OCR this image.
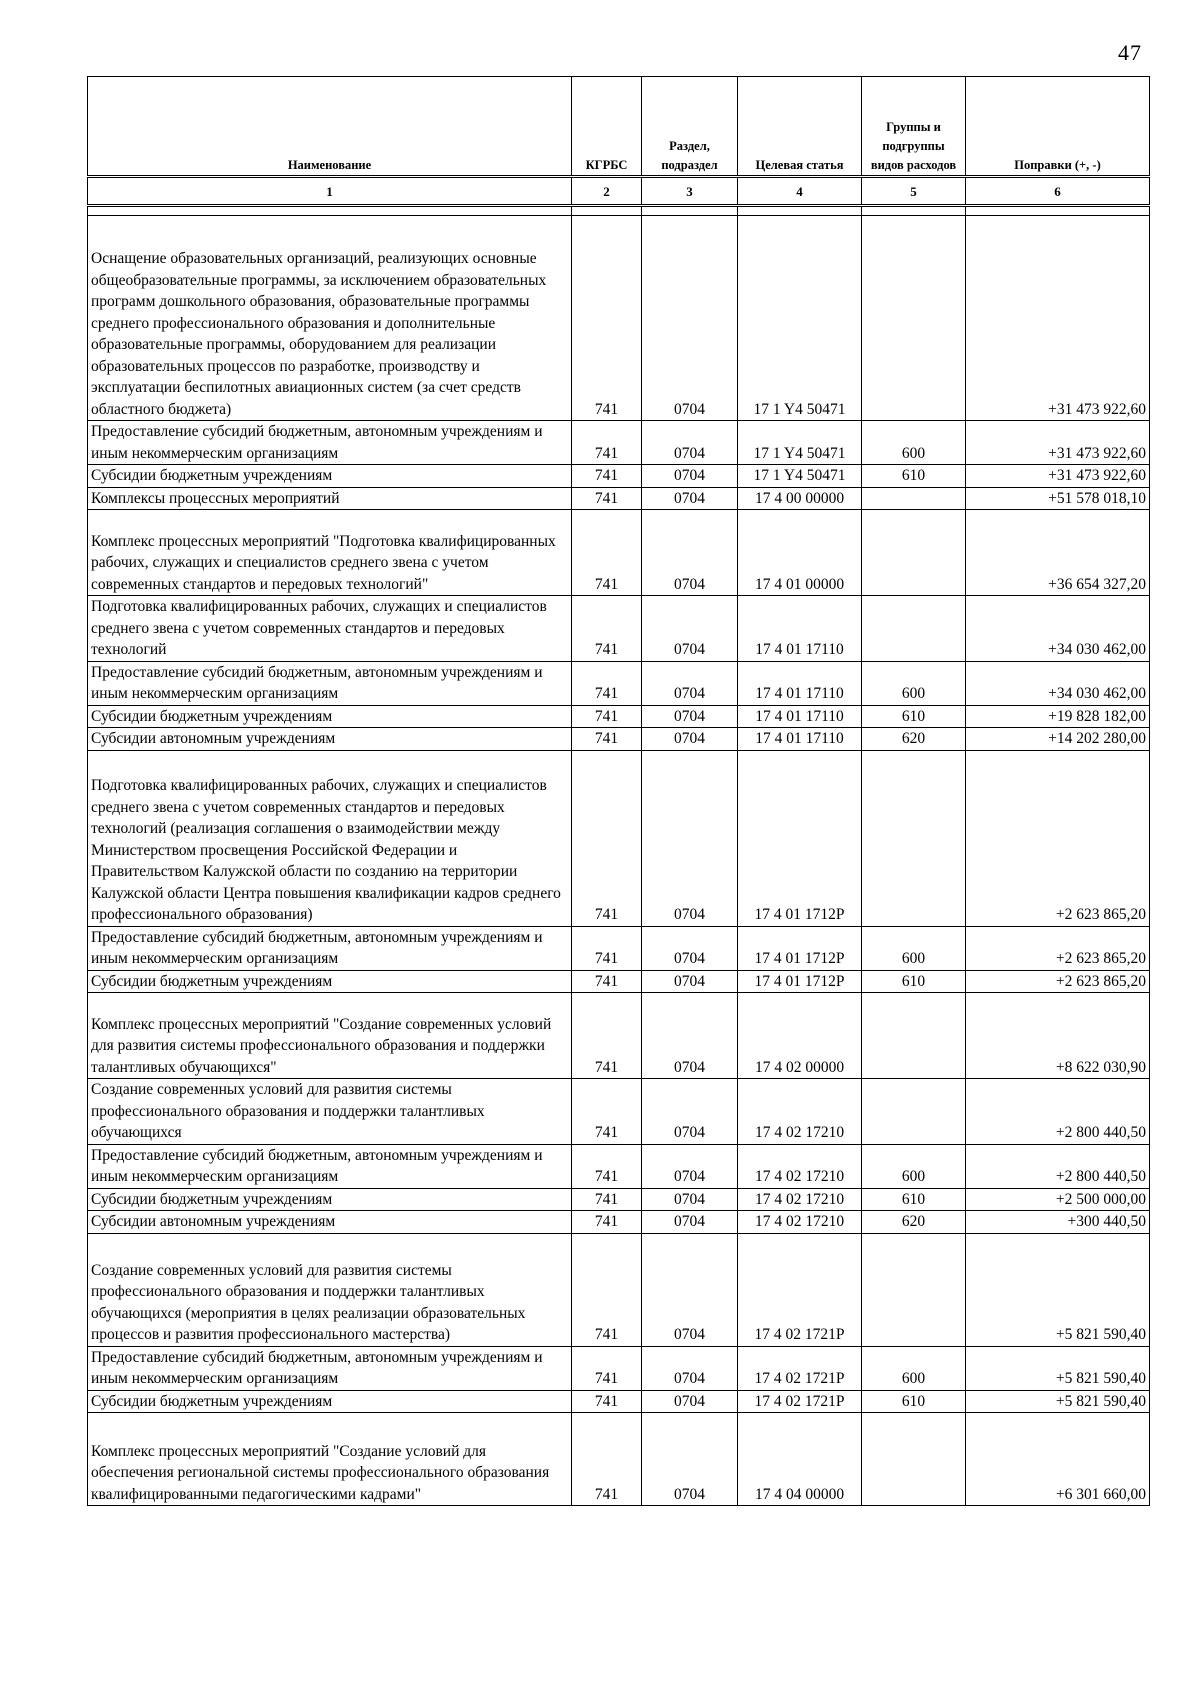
47
Наименование	КГРБС	Раздел, подраздел	Целевая статья	Группы и подгруппы видов расходов	Поправки (+, -)
1	2	3	4	5	6

Оснащение образовательных организаций, реализующих основные общеобразовательные программы, за исключением образовательных программ дошкольного образования, образовательные программы среднего профессионального образования и дополнительные образовательные программы, оборудованием для реализации образовательных процессов по разработке, производству и эксплуатации беспилотных авиационных систем (за счет средств областного бюджета)	741	0704	17 1 Y4 50471		+31 473 922,60
Предоставление субсидий бюджетным, автономным учреждениям и иным некоммерческим организациям	741	0704	17 1 Y4 50471	600	+31 473 922,60
Субсидии бюджетным учреждениям	741	0704	17 1 Y4 50471	610	+31 473 922,60
Комплексы процессных мероприятий	741	0704	17 4 00 00000		+51 578 018,10
Комплекс процессных мероприятий "Подготовка квалифицированных рабочих, служащих и специалистов среднего звена с учетом современных стандартов и передовых технологий"	741	0704	17 4 01 00000		+36 654 327,20
Подготовка квалифицированных рабочих, служащих и специалистов среднего звена с учетом современных стандартов и передовых технологий	741	0704	17 4 01 17110		+34 030 462,00
Предоставление субсидий бюджетным, автономным учреждениям и иным некоммерческим организациям	741	0704	17 4 01 17110	600	+34 030 462,00
Субсидии бюджетным учреждениям	741	0704	17 4 01 17110	610	+19 828 182,00
Субсидии автономным учреждениям	741	0704	17 4 01 17110	620	+14 202 280,00
Подготовка квалифицированных рабочих, служащих и специалистов среднего звена с учетом современных стандартов и передовых технологий (реализация соглашения о взаимодействии между Министерством просвещения Российской Федерации и Правительством Калужской области по созданию на территории Калужской области Центра повышения квалификации кадров среднего профессионального образования)	741	0704	17 4 01 1712P		+2 623 865,20
Предоставление субсидий бюджетным, автономным учреждениям и иным некоммерческим организациям	741	0704	17 4 01 1712P	600	+2 623 865,20
Субсидии бюджетным учреждениям	741	0704	17 4 01 1712P	610	+2 623 865,20
Комплекс процессных мероприятий "Создание современных условий для развития системы профессионального образования и поддержки талантливых обучающихся"	741	0704	17 4 02 00000		+8 622 030,90
Создание современных условий для развития системы профессионального образования и поддержки талантливых обучающихся	741	0704	17 4 02 17210		+2 800 440,50
Предоставление субсидий бюджетным, автономным учреждениям и иным некоммерческим организациям	741	0704	17 4 02 17210	600	+2 800 440,50
Субсидии бюджетным учреждениям	741	0704	17 4 02 17210	610	+2 500 000,00
Субсидии автономным учреждениям	741	0704	17 4 02 17210	620	+300 440,50
Создание современных условий для развития системы профессионального образования и поддержки талантливых обучающихся (мероприятия в целях реализации образовательных процессов и развития профессионального мастерства)	741	0704	17 4 02 1721P		+5 821 590,40
Предоставление субсидий бюджетным, автономным учреждениям и иным некоммерческим организациям	741	0704	17 4 02 1721P	600	+5 821 590,40
Субсидии бюджетным учреждениям	741	0704	17 4 02 1721P	610	+5 821 590,40
Комплекс процессных мероприятий "Создание условий для обеспечения региональной системы профессионального образования квалифицированными педагогическими кадрами"	741	0704	17 4 04 00000		+6 301 660,00
